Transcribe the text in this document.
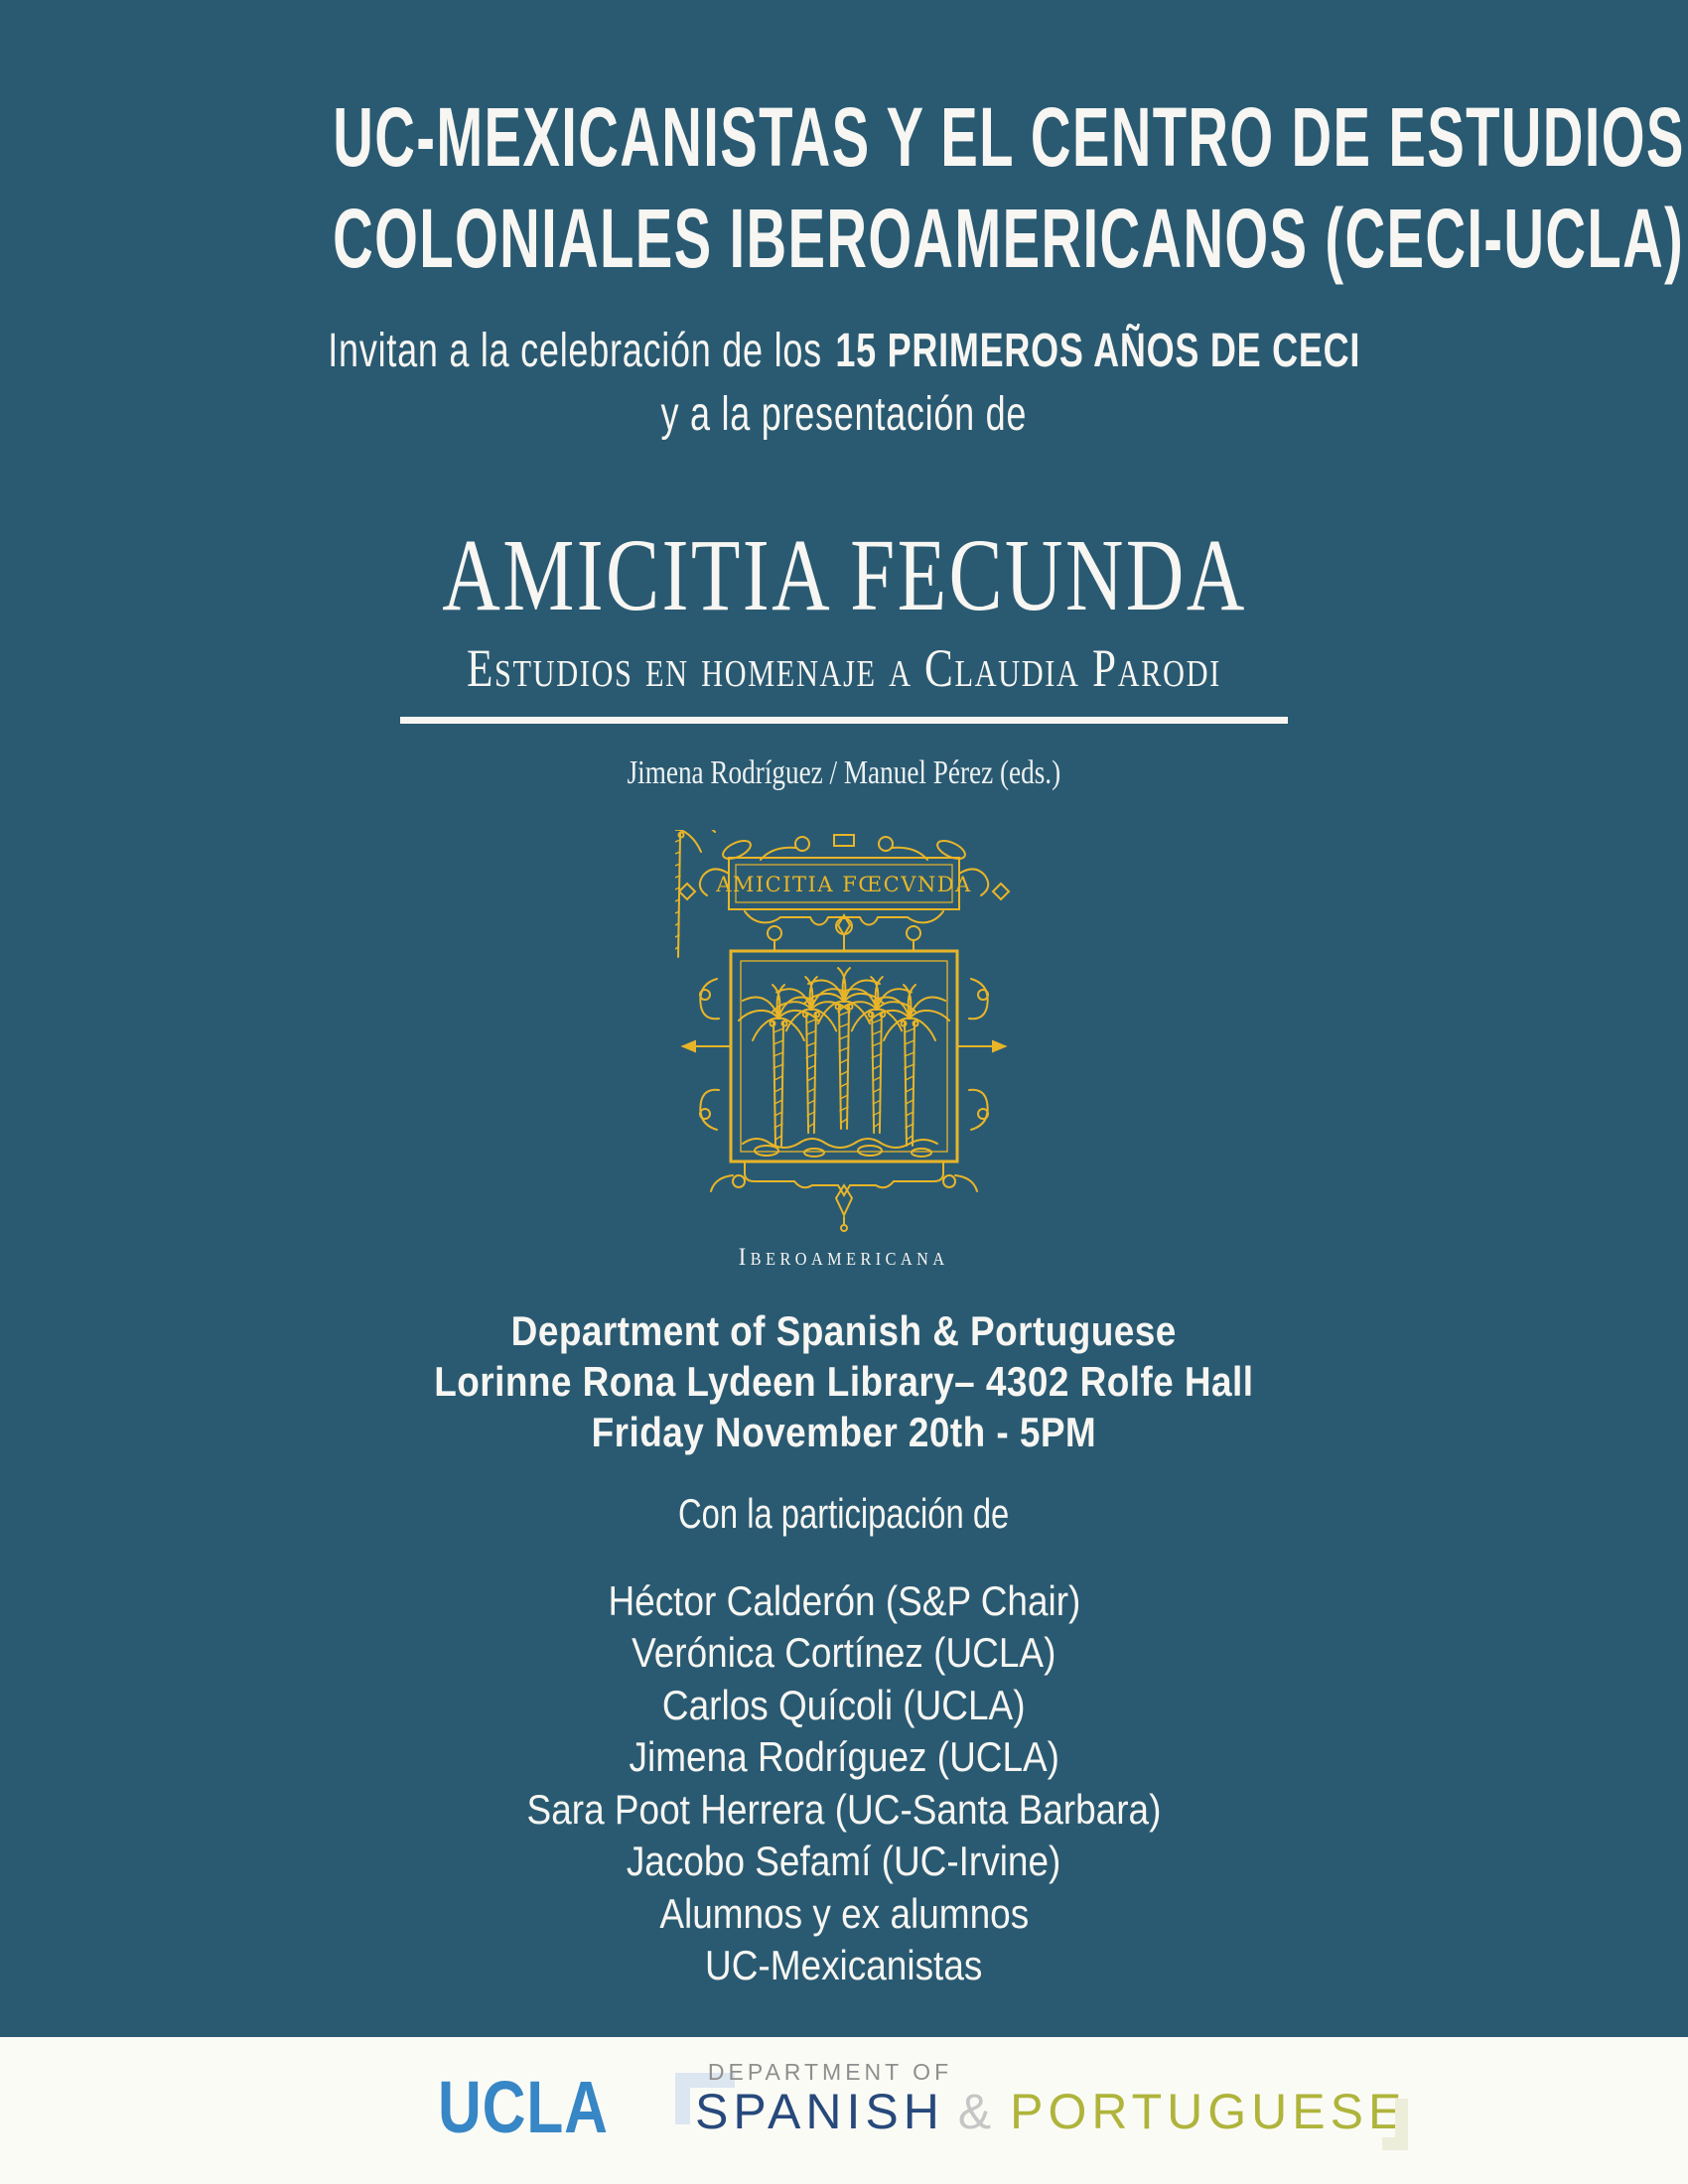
UC-MEXICANISTAS Y EL CENTRO DE ESTUDIOS
COLONIALES IBEROAMERICANOS (CECI-UCLA)
Invitan a la celebración de los 15 PRIMEROS AÑOS DE CECI
y a la presentación de
AMICITIA FECUNDA
Estudios en homenaje a Claudia Parodi
Jimena Rodríguez / Manuel Pérez (eds.)
AMICITIA FŒCVNDA
Iberoamericana
Department of Spanish & Portuguese
Lorinne Rona Lydeen Library– 4302 Rolfe Hall
Friday November 20th - 5PM
Con la participación de
Héctor Calderón (S&P Chair)
Verónica Cortínez (UCLA)
Carlos Quícoli (UCLA)
Jimena Rodríguez (UCLA)
Sara Poot Herrera (UC-Santa Barbara)
Jacobo Sefamí (UC-Irvine)
Alumnos y ex alumnos
UC-Mexicanistas
UCLA	DEPARTMENT OF
SPANISH & PORTUGUESE
